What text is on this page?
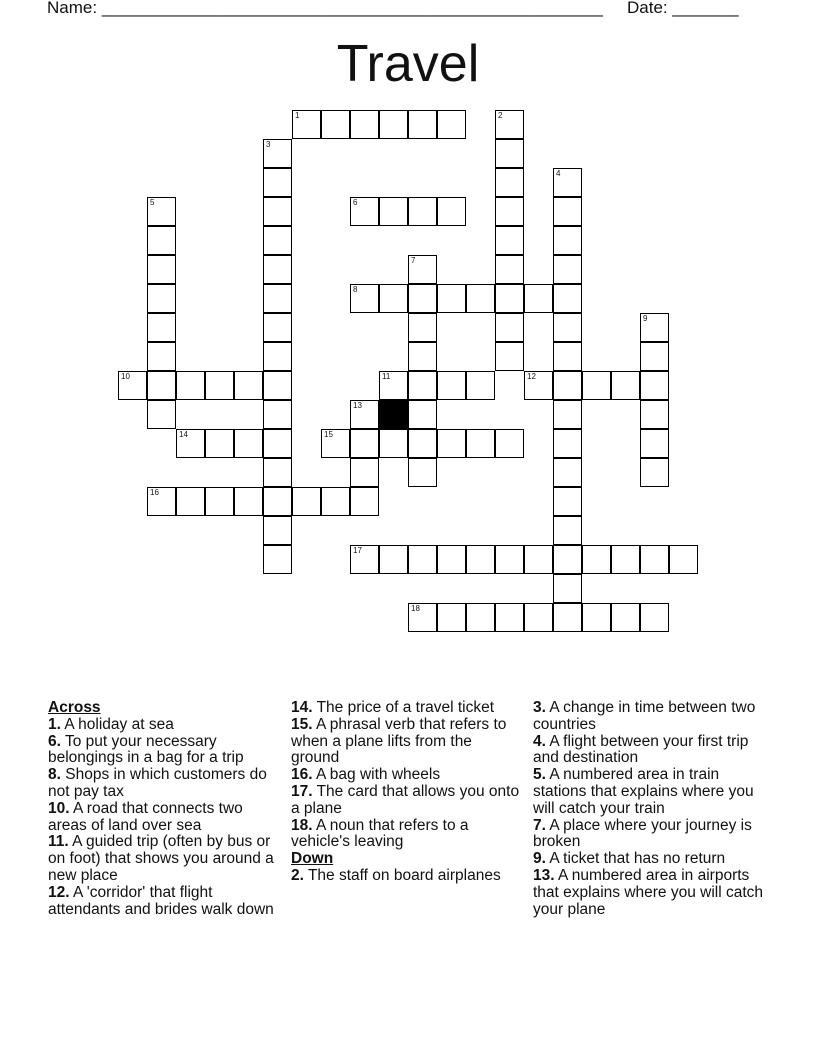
Name: _____________________________________________________ Date: _______
Travel
1	2
3
4
5	6
7
8
9
10	11	12
13
14	15
16
17
18

Across

1. A holiday at sea

6. To put your necessary belongings in a bag for a trip

8. Shops in which customers do not pay tax

10. A road that connects two areas of land over sea

11. A guided trip (often by bus or on foot) that shows you around a new place

12. A 'corridor' that flight attendants and brides walk down

14. The price of a travel ticket

15. A phrasal verb that refers to when a plane lifts from the ground

16. A bag with wheels

17. The card that allows you onto a plane

18. A noun that refers to a vehicle's leaving

Down

2. The staff on board airplanes

3. A change in time between two countries

4. A flight between your first trip and destination

5. A numbered area in train stations that explains where you will catch your train

7. A place where your journey is broken

9. A ticket that has no return

13. A numbered area in airports that explains where you will catch your plane
